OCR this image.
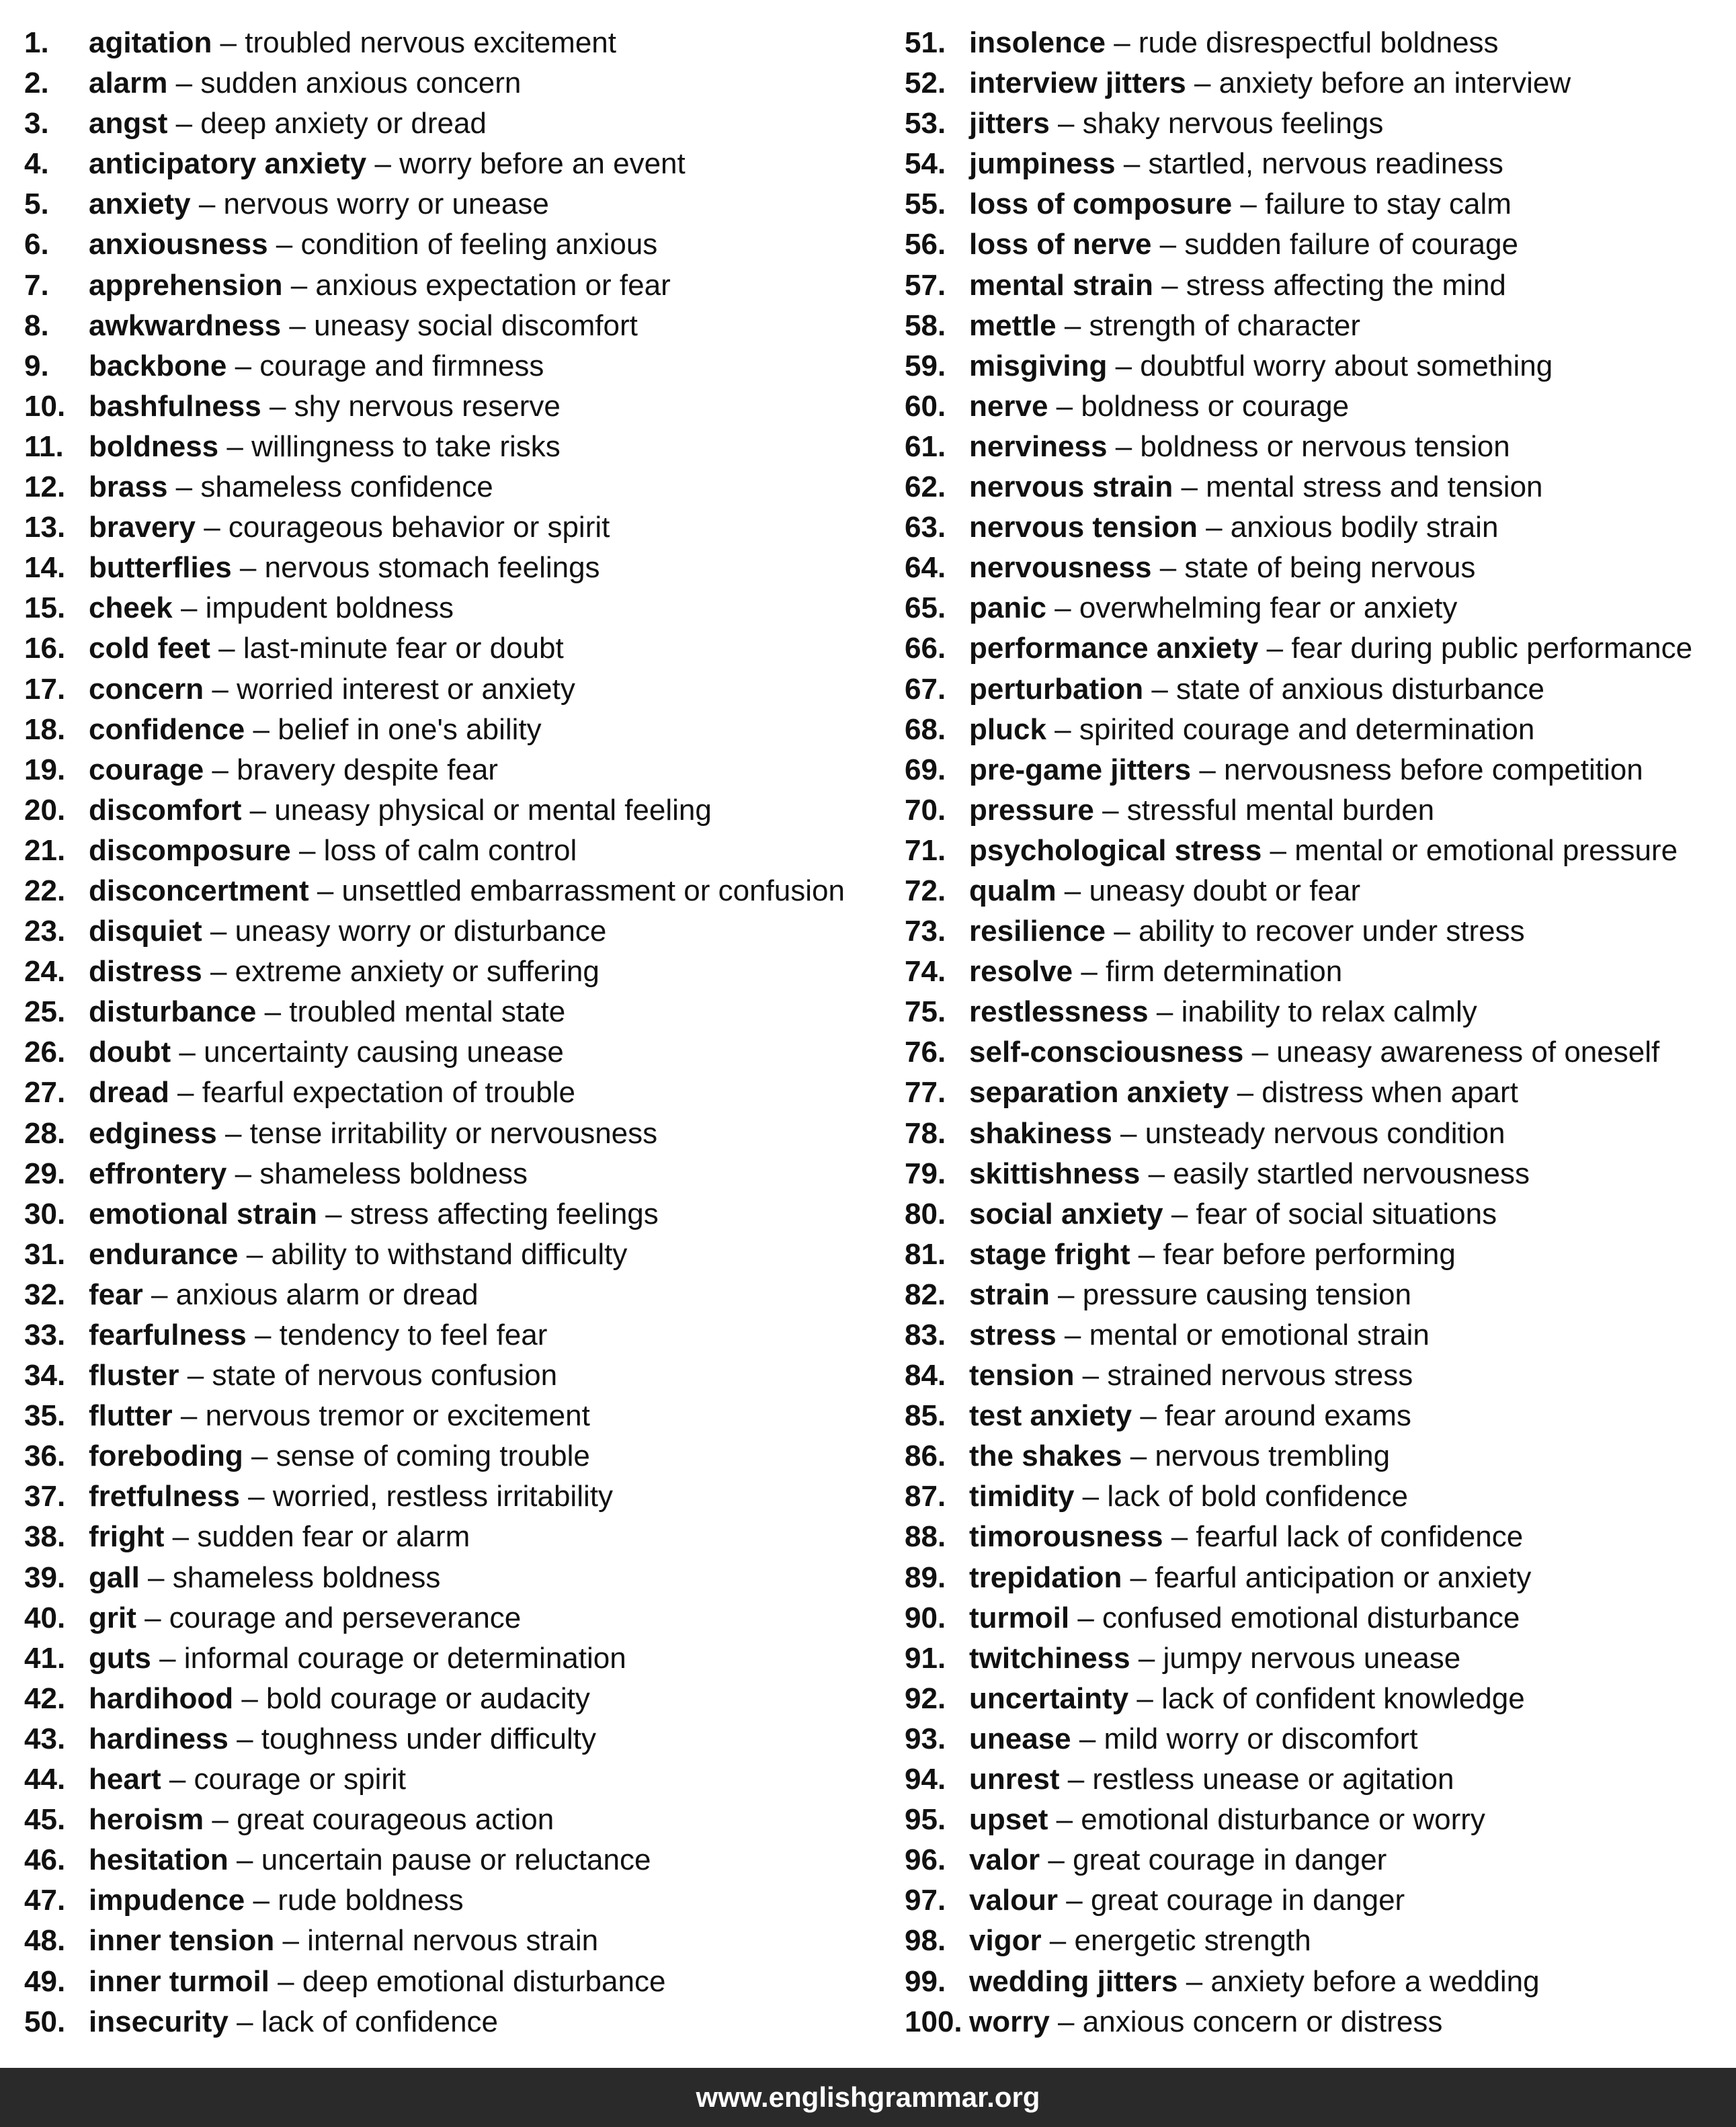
1. agitation – troubled nervous excitement
2. alarm – sudden anxious concern
3. angst – deep anxiety or dread
4. anticipatory anxiety – worry before an event
5. anxiety – nervous worry or unease
6. anxiousness – condition of feeling anxious
7. apprehension – anxious expectation or fear
8. awkwardness – uneasy social discomfort
9. backbone – courage and firmness
10. bashfulness – shy nervous reserve
11. boldness – willingness to take risks
12. brass – shameless confidence
13. bravery – courageous behavior or spirit
14. butterflies – nervous stomach feelings
15. cheek – impudent boldness
16. cold feet – last-minute fear or doubt
17. concern – worried interest or anxiety
18. confidence – belief in one's ability
19. courage – bravery despite fear
20. discomfort – uneasy physical or mental feeling
21. discomposure – loss of calm control
22. disconcertment – unsettled embarrassment or confusion
23. disquiet – uneasy worry or disturbance
24. distress – extreme anxiety or suffering
25. disturbance – troubled mental state
26. doubt – uncertainty causing unease
27. dread – fearful expectation of trouble
28. edginess – tense irritability or nervousness
29. effrontery – shameless boldness
30. emotional strain – stress affecting feelings
31. endurance – ability to withstand difficulty
32. fear – anxious alarm or dread
33. fearfulness – tendency to feel fear
34. fluster – state of nervous confusion
35. flutter – nervous tremor or excitement
36. foreboding – sense of coming trouble
37. fretfulness – worried, restless irritability
38. fright – sudden fear or alarm
39. gall – shameless boldness
40. grit – courage and perseverance
41. guts – informal courage or determination
42. hardihood – bold courage or audacity
43. hardiness – toughness under difficulty
44. heart – courage or spirit
45. heroism – great courageous action
46. hesitation – uncertain pause or reluctance
47. impudence – rude boldness
48. inner tension – internal nervous strain
49. inner turmoil – deep emotional disturbance
50. insecurity – lack of confidence
51. insolence – rude disrespectful boldness
52. interview jitters – anxiety before an interview
53. jitters – shaky nervous feelings
54. jumpiness – startled, nervous readiness
55. loss of composure – failure to stay calm
56. loss of nerve – sudden failure of courage
57. mental strain – stress affecting the mind
58. mettle – strength of character
59. misgiving – doubtful worry about something
60. nerve – boldness or courage
61. nerviness – boldness or nervous tension
62. nervous strain – mental stress and tension
63. nervous tension – anxious bodily strain
64. nervousness – state of being nervous
65. panic – overwhelming fear or anxiety
66. performance anxiety – fear during public performance
67. perturbation – state of anxious disturbance
68. pluck – spirited courage and determination
69. pre-game jitters – nervousness before competition
70. pressure – stressful mental burden
71. psychological stress – mental or emotional pressure
72. qualm – uneasy doubt or fear
73. resilience – ability to recover under stress
74. resolve – firm determination
75. restlessness – inability to relax calmly
76. self-consciousness – uneasy awareness of oneself
77. separation anxiety – distress when apart
78. shakiness – unsteady nervous condition
79. skittishness – easily startled nervousness
80. social anxiety – fear of social situations
81. stage fright – fear before performing
82. strain – pressure causing tension
83. stress – mental or emotional strain
84. tension – strained nervous stress
85. test anxiety – fear around exams
86. the shakes – nervous trembling
87. timidity – lack of bold confidence
88. timorousness – fearful lack of confidence
89. trepidation – fearful anticipation or anxiety
90. turmoil – confused emotional disturbance
91. twitchiness – jumpy nervous unease
92. uncertainty – lack of confident knowledge
93. unease – mild worry or discomfort
94. unrest – restless unease or agitation
95. upset – emotional disturbance or worry
96. valor – great courage in danger
97. valour – great courage in danger
98. vigor – energetic strength
99. wedding jitters – anxiety before a wedding
100. worry – anxious concern or distress
www.englishgrammar.org
